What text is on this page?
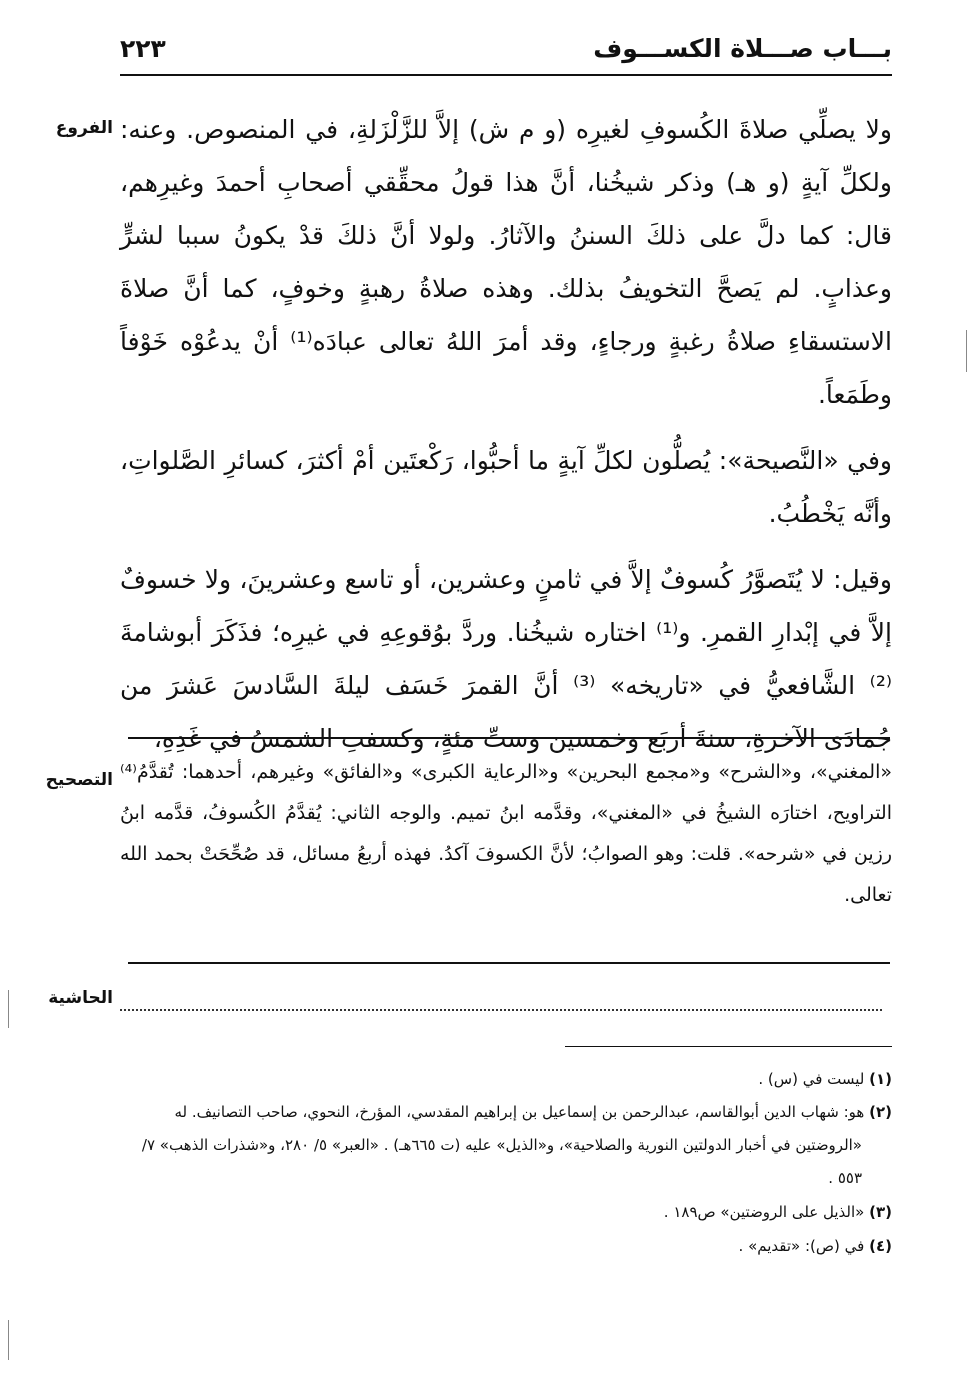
بـــاب صـــلاة الكســـوف
٢٢٣
الفروع
التصحيح
الحاشية

ولا يصلِّي صلاةَ الكُسوفِ لغيرِه (و م ش) إلاَّ للزَّلْزَلةِ، في المنصوص. وعنه: ولكلِّ آيةٍ (و هـ) وذكر شيخُنا، أنَّ هذا قولُ محقِّقي أصحابِ أحمدَ وغيرِهم، قال: كما دلَّ على ذلكَ السننُ والآثارُ. ولولا أنَّ ذلكَ قدْ يكونُ سببا لشرٍّ وعذابٍ. لم يَصحَّ التخويفُ بذلك. وهذه صلاةُ رهبةٍ وخوفٍ، كما أنَّ صلاةَ الاستسقاءِ صلاةُ رغبةٍ ورجاءٍ، وقد أمرَ اللهُ تعالى عبادَه⁽¹⁾ أنْ يدعُوْه خَوْفاً وطَمَعاً.

وفي «النَّصيحة»: يُصلُّون لكلِّ آيةٍ ما أحبُّوا، رَكْعتَين أمْ أكثرَ، كسائرِ الصَّلواتِ، وأنَّه يَخْطُبُ.

وقيل: لا يُتَصوَّرُ كُسوفٌ إلاَّ في ثامنٍ وعشرين، أو تاسع وعشرينَ، ولا خسوفٌ إلاَّ في إبْدارِ القمرِ. و⁽¹⁾ اختاره شيخُنا. وردَّ بوُقوعِهِ في غيرِه؛ فذَكَرَ أبوشامةَ ⁽²⁾ الشَّافعيُّ في «تاريخه» ⁽³⁾ أنَّ القمرَ خَسَف ليلةَ السَّادسَ عَشرَ من جُمادَى الآخرةِ، سنةَ أربَع وخمسين وستِّ مئةٍ، وكسفتِ الشمسُ في غَدِهِ،

«المغني»، و«الشرح» و«مجمع البحرين» و«الرعاية الكبرى» و«الفائق» وغيرهم، أحدهما: تُقدَّمُ⁽⁴⁾ التراويح، اختارَه الشيخُ في «المغني»، وقدَّمه ابنُ تميم. والوجه الثاني: يُقدَّمُ الكُسوفُ، قدَّمه ابنُ رزين في «شرحه». قلت: وهو الصوابُ؛ لأنَّ الكسوفَ آكدُ. فهذه أربعُ مسائل، قد صُحِّحَتْ بحمد الله تعالى.
(١) ليست في (س) .
(٢) هو: شهاب الدين أبوالقاسم، عبدالرحمن بن إسماعيل بن إبراهيم المقدسي، المؤرخ، النحوي، صاحب التصانيف. له «الروضتين في أخبار الدولتين النورية والصلاحية»، و«الذيل» عليه (ت ٦٦٥هـ) . «العبر» ٥/ ٢٨٠، و«شذرات الذهب» ٧/ ٥٥٣ .
(٣) «الذيل على الروضتين» ص١٨٩ .
(٤) في (ص): «تقديم» .
